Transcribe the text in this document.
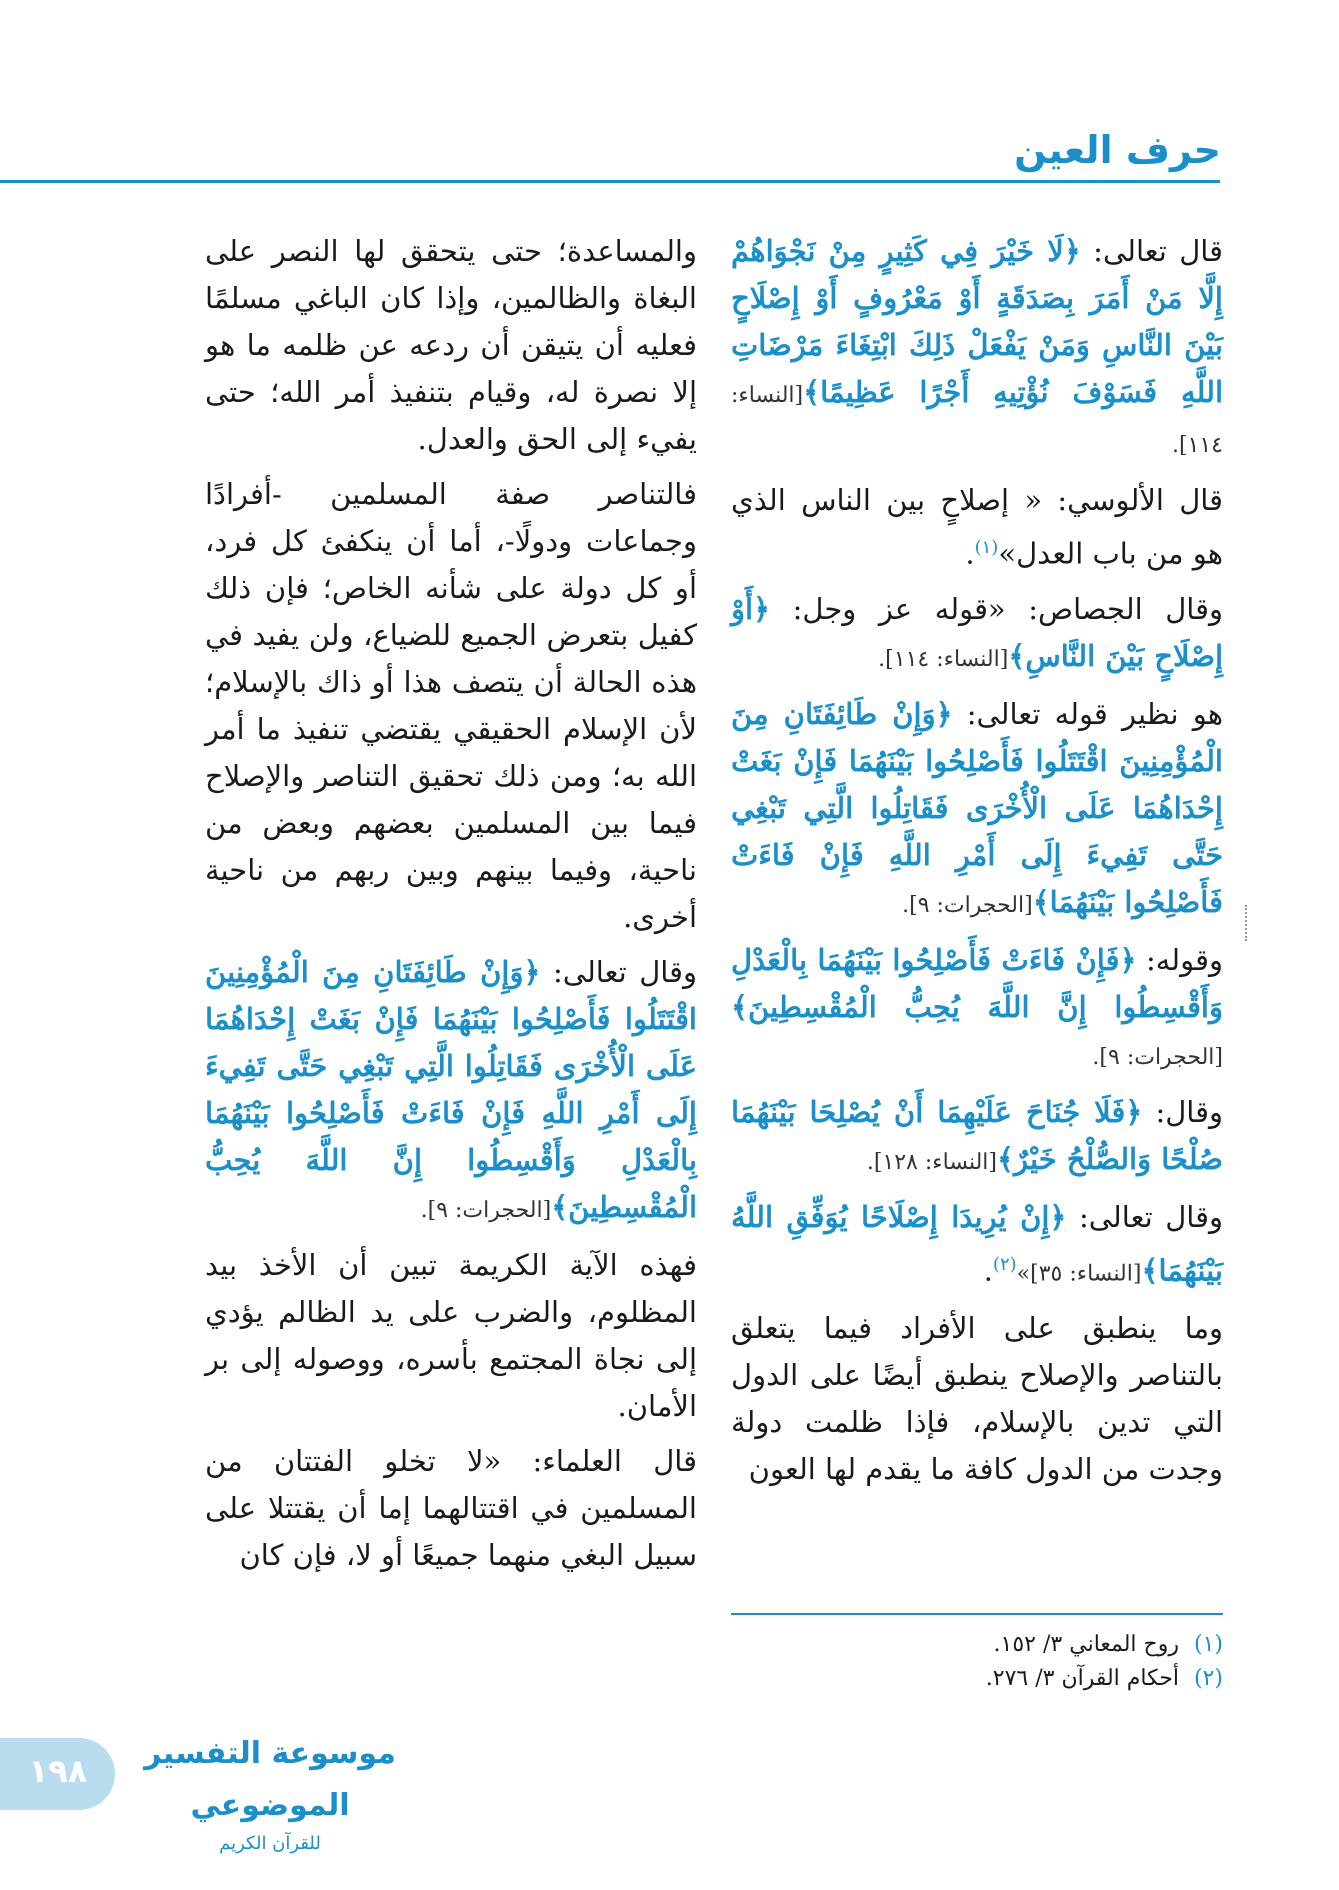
حرف العين

قال تعالى: ﴿لَا خَيْرَ فِي كَثِيرٍ مِنْ نَجْوَاهُمْ إِلَّا مَنْ أَمَرَ بِصَدَقَةٍ أَوْ مَعْرُوفٍ أَوْ إِصْلَاحٍ بَيْنَ النَّاسِ وَمَنْ يَفْعَلْ ذَلِكَ ابْتِغَاءَ مَرْضَاتِ اللَّهِ فَسَوْفَ نُؤْتِيهِ أَجْرًا عَظِيمًا﴾[النساء: ١١٤].

قال الألوسي: « إصلاحٍ بين الناس الذي هو من باب العدل»$^{(١)}$.

وقال الجصاص: «قوله عز وجل: ﴿أَوْ إِصْلَاحٍ بَيْنَ النَّاسِ﴾[النساء: ١١٤].

هو نظير قوله تعالى: ﴿وَإِنْ طَائِفَتَانِ مِنَ الْمُؤْمِنِينَ اقْتَتَلُوا فَأَصْلِحُوا بَيْنَهُمَا فَإِنْ بَغَتْ إِحْدَاهُمَا عَلَى الْأُخْرَى فَقَاتِلُوا الَّتِي تَبْغِي حَتَّى تَفِيءَ إِلَى أَمْرِ اللَّهِ فَإِنْ فَاءَتْ فَأَصْلِحُوا بَيْنَهُمَا﴾[الحجرات: ٩].

وقوله: ﴿فَإِنْ فَاءَتْ فَأَصْلِحُوا بَيْنَهُمَا بِالْعَدْلِ وَأَقْسِطُوا إِنَّ اللَّهَ يُحِبُّ الْمُقْسِطِينَ﴾[الحجرات: ٩].

وقال: ﴿فَلَا جُنَاحَ عَلَيْهِمَا أَنْ يُصْلِحَا بَيْنَهُمَا صُلْحًا وَالصُّلْحُ خَيْرٌ﴾[النساء: ١٢٨].

وقال تعالى: ﴿إِنْ يُرِيدَا إِصْلَاحًا يُوَفِّقِ اللَّهُ بَيْنَهُمَا﴾[النساء: ٣٥]»$^{(٢)}$.

وما ينطبق على الأفراد فيما يتعلق بالتناصر والإصلاح ينطبق أيضًا على الدول التي تدين بالإسلام، فإذا ظلمت دولة وجدت من الدول كافة ما يقدم لها العون

والمساعدة؛ حتى يتحقق لها النصر على البغاة والظالمين، وإذا كان الباغي مسلمًا فعليه أن يتيقن أن ردعه عن ظلمه ما هو إلا نصرة له، وقيام بتنفيذ أمر الله؛ حتى يفيء إلى الحق والعدل.

فالتناصر صفة المسلمين -أفرادًا وجماعات ودولًا-، أما أن ينكفئ كل فرد، أو كل دولة على شأنه الخاص؛ فإن ذلك كفيل بتعرض الجميع للضياع، ولن يفيد في هذه الحالة أن يتصف هذا أو ذاك بالإسلام؛ لأن الإسلام الحقيقي يقتضي تنفيذ ما أمر الله به؛ ومن ذلك تحقيق التناصر والإصلاح فيما بين المسلمين بعضهم وبعض من ناحية، وفيما بينهم وبين ربهم من ناحية أخرى.

وقال تعالى: ﴿وَإِنْ طَائِفَتَانِ مِنَ الْمُؤْمِنِينَ اقْتَتَلُوا فَأَصْلِحُوا بَيْنَهُمَا فَإِنْ بَغَتْ إِحْدَاهُمَا عَلَى الْأُخْرَى فَقَاتِلُوا الَّتِي تَبْغِي حَتَّى تَفِيءَ إِلَى أَمْرِ اللَّهِ فَإِنْ فَاءَتْ فَأَصْلِحُوا بَيْنَهُمَا بِالْعَدْلِ وَأَقْسِطُوا إِنَّ اللَّهَ يُحِبُّ الْمُقْسِطِينَ﴾[الحجرات: ٩].

فهذه الآية الكريمة تبين أن الأخذ بيد المظلوم، والضرب على يد الظالم يؤدي إلى نجاة المجتمع بأسره، ووصوله إلى بر الأمان.

قال العلماء: «لا تخلو الفتتان من المسلمين في اقتتالهما إما أن يقتتلا على سبيل البغي منهما جميعًا أو لا، فإن كان

(١) روح المعاني ٣/ ١٥٢.
(٢) أحكام القرآن ٣/ ٢٧٦.
١٩٨	موسوعة التفسير الموضوعي
للقرآن الكريم
